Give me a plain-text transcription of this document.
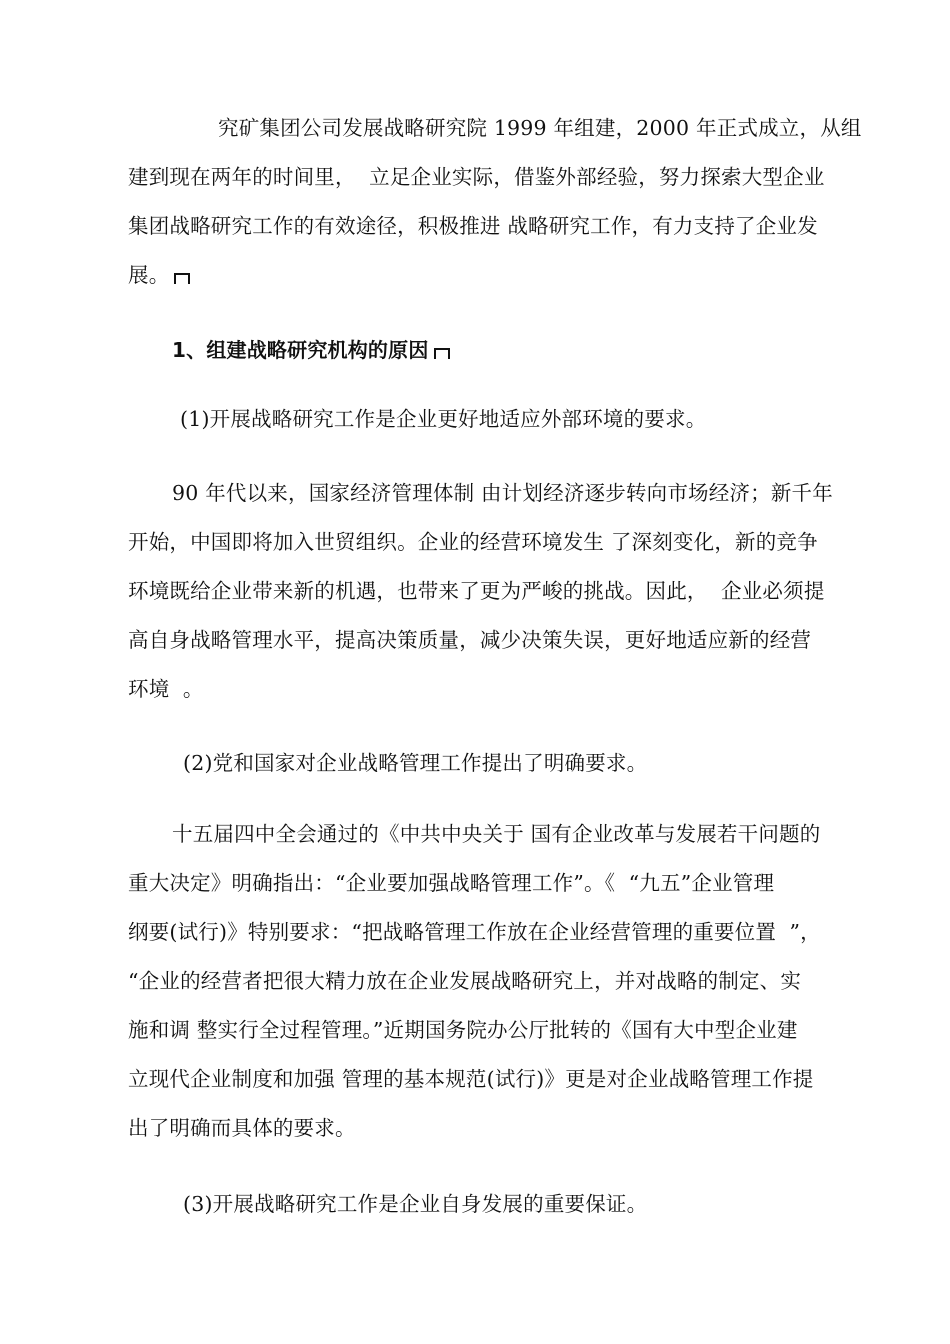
究矿集团公司发展战略研究院 1999 年组建，2000 年正式成立，从组
建到现在两年的时间里，  立足企业实际，借鉴外部经验，努力探索大型企业
集团战略研究工作的有效途径，积极推进 战略研究工作，有力支持了企业发
展。
1、组建战略研究机构的原因
(1)开展战略研究工作是企业更好地适应外部环境的要求。
90 年代以来，国家经济管理体制 由计划经济逐步转向市场经济；新千年
开始，中国即将加入世贸组织。企业的经营环境发生 了深刻变化，新的竞争
环境既给企业带来新的机遇，也带来了更为严峻的挑战。因此，  企业必须提
高自身战略管理水平，提高决策质量，减少决策失误，更好地适应新的经营
环境  。
(2)党和国家对企业战略管理工作提出了明确要求。
十五届四中全会通过的《中共中央关于 国有企业改革与发展若干问题的
重大决定》明确指出：“企业要加强战略管理工作”。《  “九五”企业管理
纲要(试行)》特别要求：“把战略管理工作放在企业经营管理的重要位置  ”，
“企业的经营者把很大精力放在企业发展战略研究上，并对战略的制定、实
施和调 整实行全过程管理。”近期国务院办公厅批转的《国有大中型企业建
立现代企业制度和加强 管理的基本规范(试行)》更是对企业战略管理工作提
出了明确而具体的要求。
(3)开展战略研究工作是企业自身发展的重要保证。
